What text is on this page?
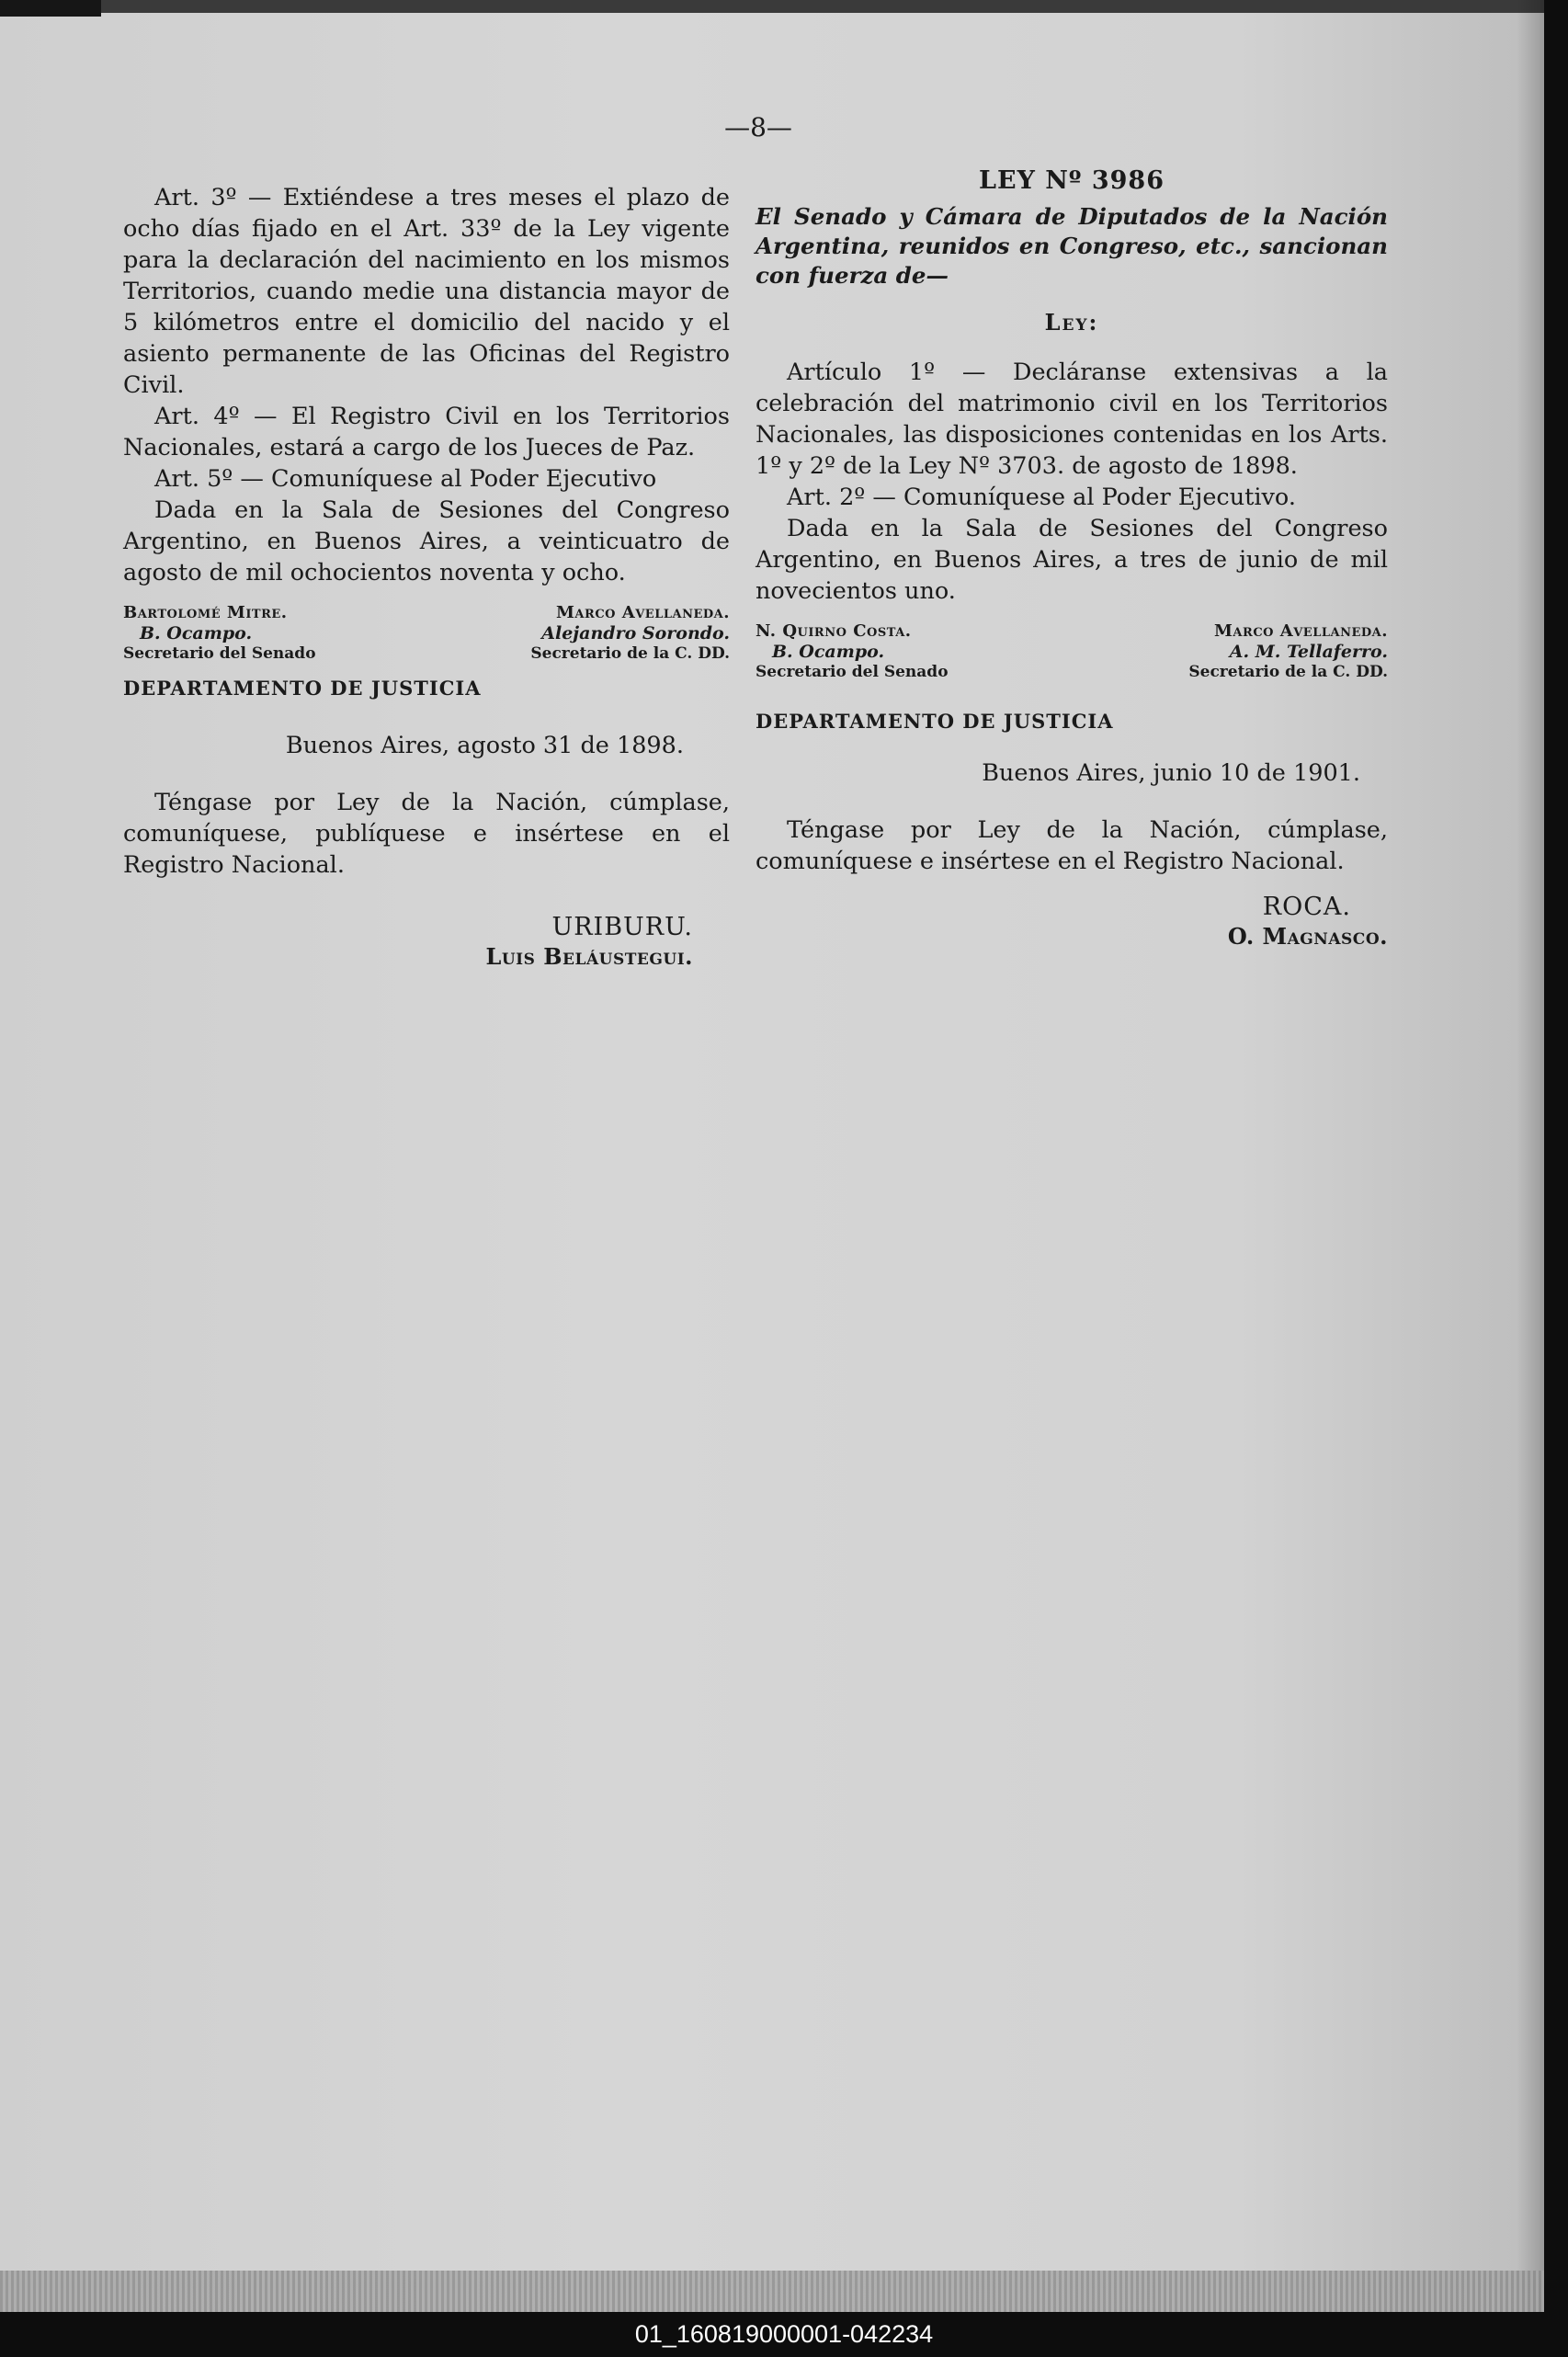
—8—

Art. 3º — Extiéndese a tres meses el plazo de ocho días fijado en el Art. 33º de la Ley vigente para la declaración del nacimiento en los mismos Territorios, cuando medie una distancia mayor de 5 kilómetros entre el domicilio del nacido y el asiento permanente de las Oficinas del Registro Civil.

Art. 4º — El Registro Civil en los Territorios Nacionales, estará a cargo de los Jueces de Paz.

Art. 5º — Comuníquese al Poder Ejecutivo

Dada en la Sala de Sesiones del Congreso Argentino, en Buenos Aires, a veinticuatro de agosto de mil ochocientos noventa y ocho.

Bartolomé Mitre.
B. Ocampo.
Secretario del Senado
Marco Avellaneda.
Alejandro Sorondo.
Secretario de la C. DD.

DEPARTAMENTO DE JUSTICIA

Buenos Aires, agosto 31 de 1898.

Téngase por Ley de la Nación, cúmplase, comuníquese, publíquese e insértese en el Registro Nacional.

URIBURU.
Luis Beláustegui.

LEY Nº 3986

El Senado y Cámara de Diputados de la Nación Argentina, reunidos en Congreso, etc., sancionan con fuerza de—

Ley:

Artículo 1º — Decláranse extensivas a la celebración del matrimonio civil en los Territorios Nacionales, las disposiciones contenidas en los Arts. 1º y 2º de la Ley Nº 3703. de agosto de 1898.

Art. 2º — Comuníquese al Poder Ejecutivo.

Dada en la Sala de Sesiones del Congreso Argentino, en Buenos Aires, a tres de junio de mil novecientos uno.

N. Quirno Costa.
B. Ocampo.
Secretario del Senado
Marco Avellaneda.
A. M. Tellaferro.
Secretario de la C. DD.

DEPARTAMENTO DE JUSTICIA

Buenos Aires, junio 10 de 1901.

Téngase por Ley de la Nación, cúmplase, comuníquese e insértese en el Registro Nacional.

ROCA.
O. Magnasco.
01_160819000001-042234
